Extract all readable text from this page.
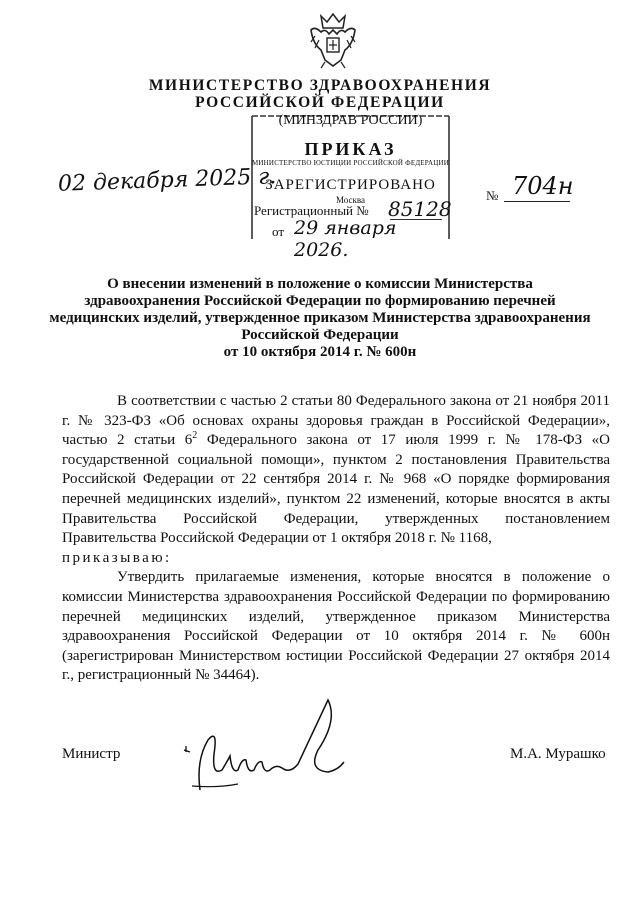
МИНИСТЕРСТВО ЗДРАВООХРАНЕНИЯ
РОССИЙСКОЙ ФЕДЕРАЦИИ
(МИНЗДРАВ РОССИИ)
ПРИКАЗ
МИНИСТЕРСТВО ЮСТИЦИИ РОССИЙСКОЙ ФЕДЕРАЦИИ
ЗАРЕГИСТРИРОВАНО
Москва
Регистрационный № 85128
от 29 января 2026.
02 декабря 2025 г.	№ 704н
О внесении изменений в положение о комиссии Министерства
здравоохранения Российской Федерации по формированию перечней
медицинских изделий, утвержденное приказом Министерства здравоохранения
Российской Федерации
от 10 октября 2014 г. № 600н

В соответствии с частью 2 статьи 80 Федерального закона от 21 ноября 2011 г. № 323-ФЗ «Об основах охраны здоровья граждан в Российской Федерации», частью 2 статьи $6^2$ Федерального закона от 17 июля 1999 г. № 178-ФЗ «О государственной социальной помощи», пунктом 2 постановления Правительства Российской Федерации от 22 сентября 2014 г. № 968 «О порядке формирования перечней медицинских изделий», пунктом 22 изменений, которые вносятся в акты Правительства Российской Федерации, утвержденных постановлением Правительства Российской Федерации от 1 октября 2018 г. № 1168,

приказываю:

Утвердить прилагаемые изменения, которые вносятся в положение о комиссии Министерства здравоохранения Российской Федерации по формированию перечней медицинских изделий, утвержденное приказом Министерства здравоохранения Российской Федерации от 10 октября 2014 г. № 600н (зарегистрирован Министерством юстиции Российской Федерации 27 октября 2014 г., регистрационный № 34464).

Министр	М.А. Мурашко
